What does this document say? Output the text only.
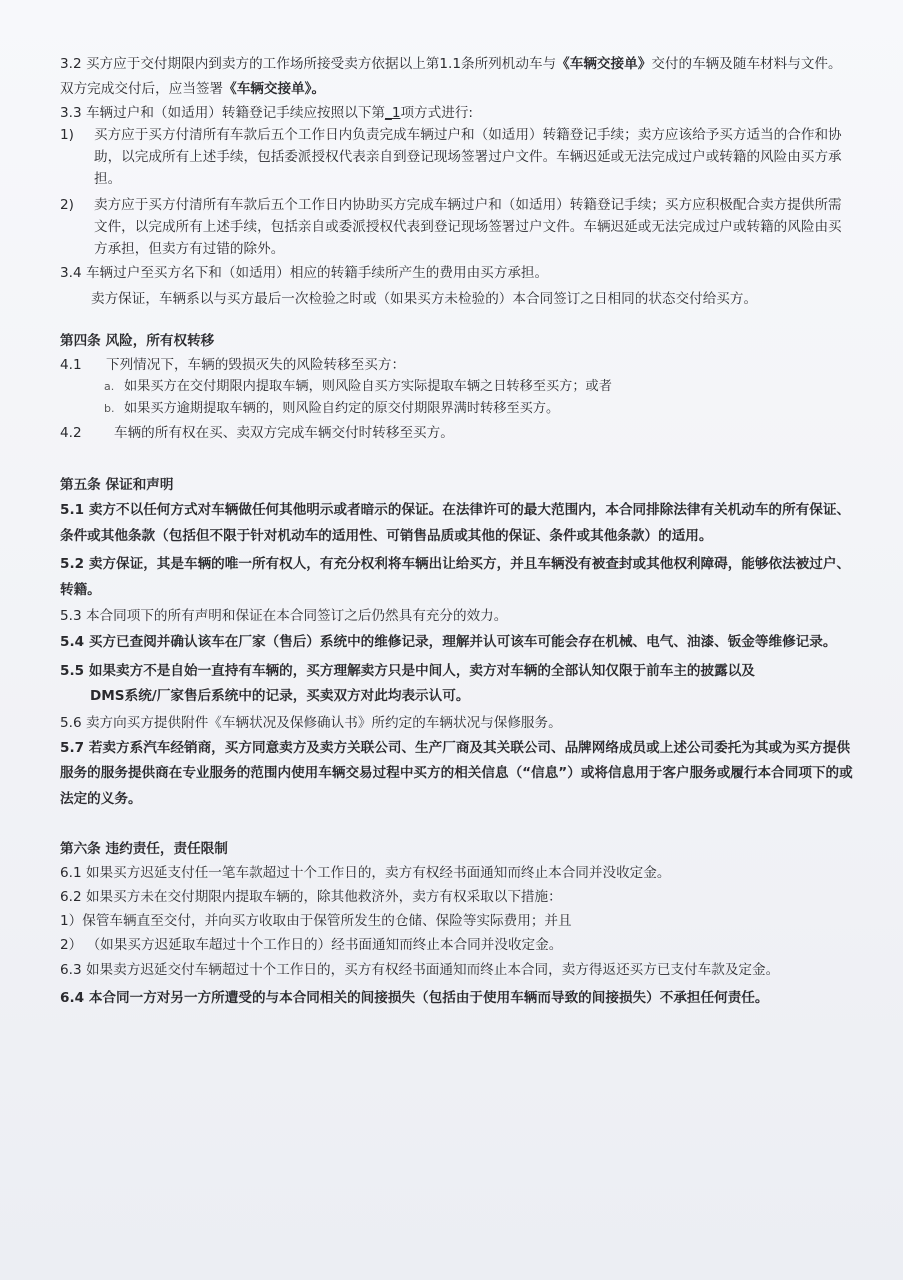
3.2 买方应于交付期限内到卖方的工作场所接受卖方依据以上第1.1条所列机动车与《车辆交接单》交付的车辆及随车材料与文件。双方完成交付后，应当签署《车辆交接单》。

3.3 车辆过户和（如适用）转籍登记手续应按照以下第_1项方式进行:

1)	买方应于买方付清所有车款后五个工作日内负责完成车辆过户和（如适用）转籍登记手续；卖方应该给予买方适当的合作和协助，以完成所有上述手续，包括委派授权代表亲自到登记现场签署过户文件。车辆迟延或无法完成过户或转籍的风险由买方承担。
2)	卖方应于买方付清所有车款后五个工作日内协助买方完成车辆过户和（如适用）转籍登记手续；买方应积极配合卖方提供所需文件，以完成所有上述手续，包括亲自或委派授权代表到登记现场签署过户文件。车辆迟延或无法完成过户或转籍的风险由买方承担，但卖方有过错的除外。

3.4 车辆过户至买方名下和（如适用）相应的转籍手续所产生的费用由买方承担。

卖方保证，车辆系以与买方最后一次检验之时或（如果买方未检验的）本合同签订之日相同的状态交付给买方。

第四条 风险，所有权转移

4.1	下列情况下，车辆的毁损灭失的风险转移至买方：
a. 如果买方在交付期限内提取车辆，则风险自买方实际提取车辆之日转移至买方；或者
b. 如果买方逾期提取车辆的，则风险自约定的原交付期限界满时转移至买方。
4.2	车辆的所有权在买、卖双方完成车辆交付时转移至买方。

第五条 保证和声明

5.1 卖方不以任何方式对车辆做任何其他明示或者暗示的保证。在法律许可的最大范围内，本合同排除法律有关机动车的所有保证、条件或其他条款（包括但不限于针对机动车的适用性、可销售品质或其他的保证、条件或其他条款）的适用。

5.2 卖方保证，其是车辆的唯一所有权人，有充分权利将车辆出让给买方，并且车辆没有被查封或其他权利障碍，能够依法被过户、转籍。

5.3 本合同项下的所有声明和保证在本合同签订之后仍然具有充分的效力。

5.4 买方已查阅并确认该车在厂家（售后）系统中的维修记录，理解并认可该车可能会存在机械、电气、油漆、钣金等维修记录。

5.5 如果卖方不是自始一直持有车辆的，买方理解卖方只是中间人，卖方对车辆的全部认知仅限于前车主的披露以及

DMS系统/厂家售后系统中的记录，买卖双方对此均表示认可。

5.6 卖方向买方提供附件《车辆状况及保修确认书》所约定的车辆状况与保修服务。

5.7 若卖方系汽车经销商，买方同意卖方及卖方关联公司、生产厂商及其关联公司、品牌网络成员或上述公司委托为其或为买方提供服务的服务提供商在专业服务的范围内使用车辆交易过程中买方的相关信息（“信息”）或将信息用于客户服务或履行本合同项下的或法定的义务。

第六条 违约责任，责任限制

6.1 如果买方迟延支付任一笔车款超过十个工作日的，卖方有权经书面通知而终止本合同并没收定金。

6.2 如果买方未在交付期限内提取车辆的，除其他救济外，卖方有权采取以下措施：

1）保管车辆直至交付，并向买方收取由于保管所发生的仓储、保险等实际费用；并且

2） （如果买方迟延取车超过十个工作日的）经书面通知而终止本合同并没收定金。

6.3 如果卖方迟延交付车辆超过十个工作日的，买方有权经书面通知而终止本合同，卖方得返还买方已支付车款及定金。

6.4 本合同一方对另一方所遭受的与本合同相关的间接损失（包括由于使用车辆而导致的间接损失）不承担任何责任。
